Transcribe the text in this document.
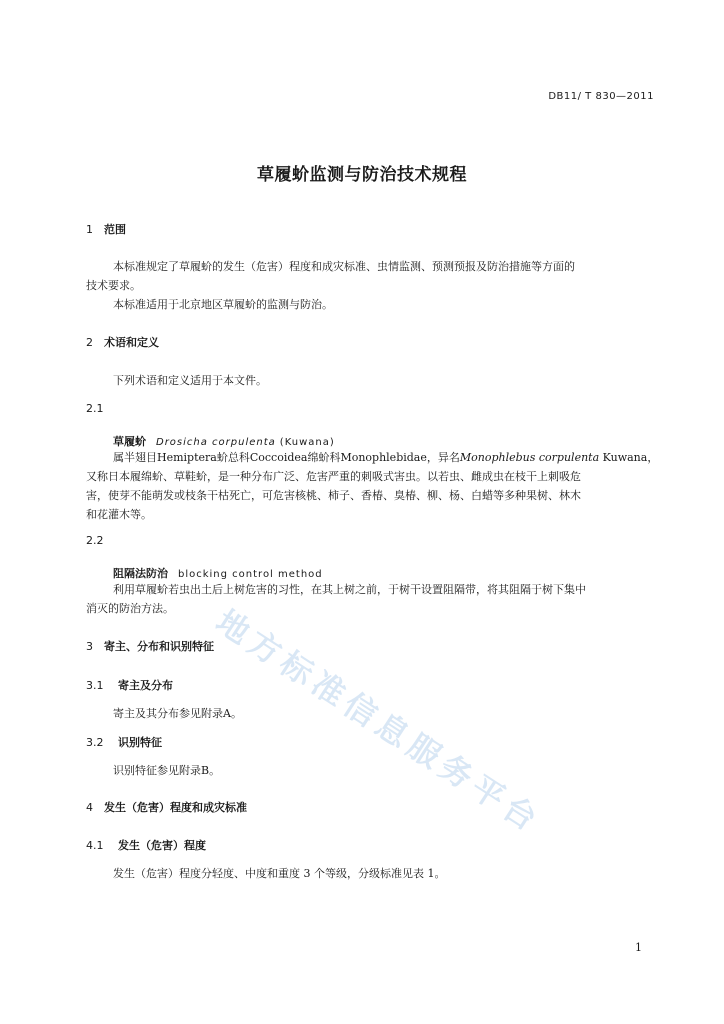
DB11/ T 830—2011
草履蚧监测与防治技术规程
1 范围
本标准规定了草履蚧的发生（危害）程度和成灾标准、虫情监测、预测预报及防治措施等方面的
技术要求。
本标准适用于北京地区草履蚧的监测与防治。
2 术语和定义
下列术语和定义适用于本文件。
2.1
草履蚧 Drosicha corpulenta (Kuwana)
属半翅目Hemiptera蚧总科Coccoidea绵蚧科Monophlebidae，异名Monophlebus corpulenta Kuwana，
又称日本履绵蚧、草鞋蚧，是一种分布广泛、危害严重的刺吸式害虫。以若虫、雌成虫在枝干上刺吸危
害，使芽不能萌发或枝条干枯死亡，可危害核桃、柿子、香椿、臭椿、柳、杨、白蜡等多种果树、林木
和花灌木等。
2.2
阻隔法防治 blocking control method
利用草履蚧若虫出土后上树危害的习性，在其上树之前，于树干设置阻隔带，将其阻隔于树下集中
消灭的防治方法。
3 寄主、分布和识别特征
3.1 寄主及分布
寄主及其分布参见附录A。
3.2 识别特征
识别特征参见附录B。
4 发生（危害）程度和成灾标准
4.1 发生（危害）程度
发生（危害）程度分轻度、中度和重度 3 个等级，分级标准见表 1。
地方标准信息服务平台
1
